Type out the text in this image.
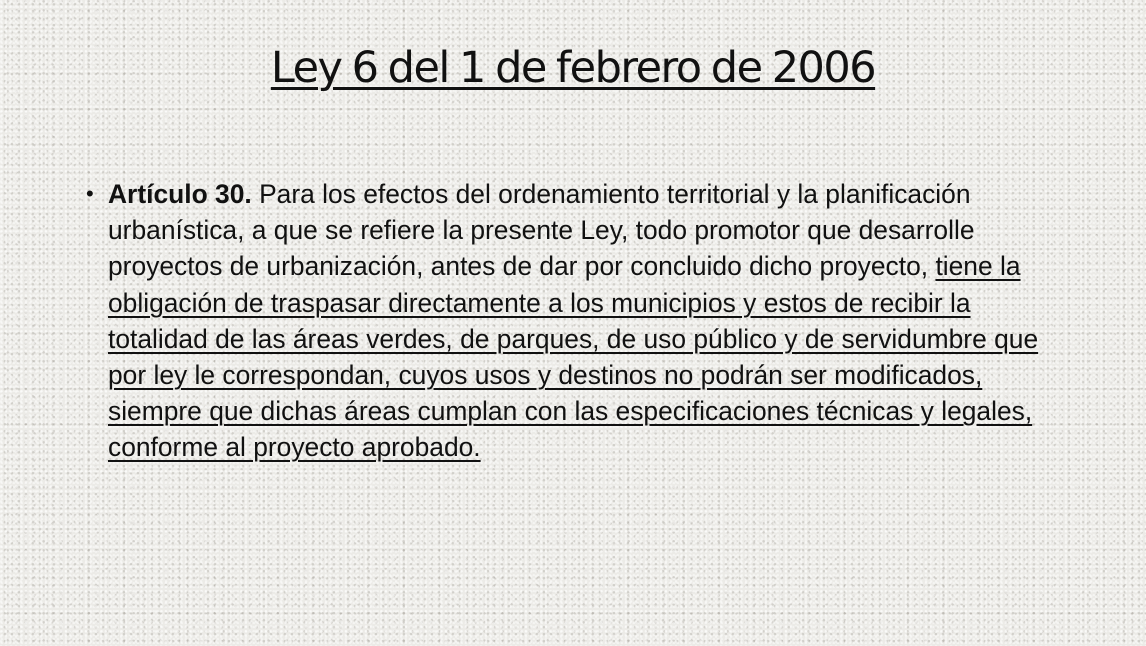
Ley 6 del 1 de febrero de 2006
• Artículo 30. Para los efectos del ordenamiento territorial y la planificación urbanística, a que se refiere la presente Ley, todo promotor que desarrolle proyectos de urbanización, antes de dar por concluido dicho proyecto, tiene la obligación de traspasar directamente a los municipios y estos de recibir la totalidad de las áreas verdes, de parques, de uso público y de servidumbre que por ley le correspondan, cuyos usos y destinos no podrán ser modificados, siempre que dichas áreas cumplan con las especificaciones técnicas y legales, conforme al proyecto aprobado.
